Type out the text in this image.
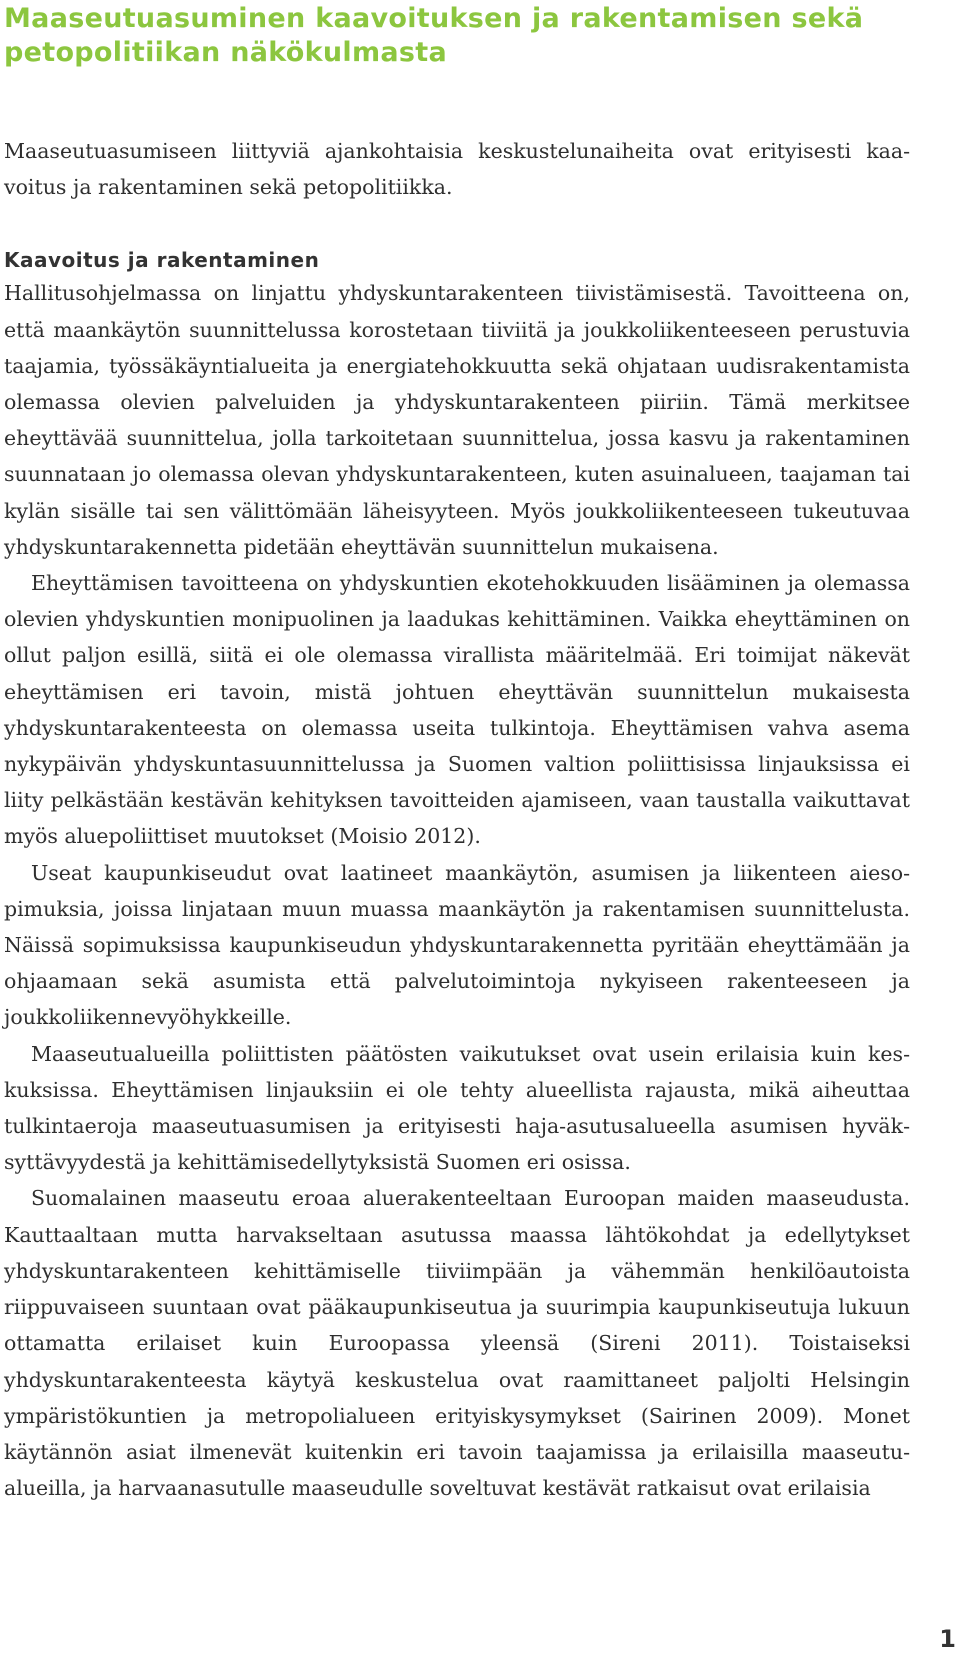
Maaseutuasuminen kaavoituksen ja rakentamisen sekä petopolitiikan näkökulmasta

Maaseutuasumiseen liittyviä ajankohtaisia keskustelunaiheita ovat erityisesti kaavoitus ja rakentaminen sekä petopolitiikka.

Kaavoitus ja rakentaminen

Hallitusohjelmassa on linjattu yhdyskuntarakenteen tiivistämisestä. Tavoitteena on, että maankäytön suunnittelussa korostetaan tiiviitä ja joukkoliikenteeseen perustuvia taajamia, työssäkäyntialueita ja energiatehokkuutta sekä ohjataan uudisrakentamista olemassa olevien palveluiden ja yhdyskuntarakenteen piiriin. Tämä merkitsee eheyttävää suunnittelua, jolla tarkoitetaan suunnittelua, jossa kasvu ja rakentaminen suunnataan jo olemassa olevan yhdyskuntarakenteen, kuten asuinalueen, taajaman tai kylän sisälle tai sen välittömään läheisyyteen. Myös joukkoliikenteeseen tukeutuvaa yhdyskuntarakennetta pidetään eheyttävän suunnittelun mukaisena.

Eheyttämisen tavoitteena on yhdyskuntien ekotehokkuuden lisääminen ja olemassa olevien yhdyskuntien monipuolinen ja laadukas kehittäminen. Vaikka eheyttäminen on ollut paljon esillä, siitä ei ole olemassa virallista määritelmää. Eri toimijat näkevät eheyttämisen eri tavoin, mistä johtuen eheyttävän suunnittelun mukaisesta yhdyskuntarakenteesta on olemassa useita tulkintoja. Eheyttämisen vahva asema nykypäivän yhdyskuntasuunnittelussa ja Suomen valtion poliittisissa linjauksissa ei liity pelkästään kestävän kehityksen tavoitteiden ajamiseen, vaan taustalla vaikuttavat myös aluepoliittiset muutokset (Moisio 2012).

Useat kaupunkiseudut ovat laatineet maankäytön, asumisen ja liikenteen aiesopimuksia, joissa linjataan muun muassa maankäytön ja rakentamisen suunnittelusta. Näissä sopimuksissa kaupunkiseudun yhdyskuntarakennetta pyritään eheyttämään ja ohjaamaan sekä asumista että palvelutoimintoja nykyiseen rakenteeseen ja joukkoliikennevyöhykkeille.

Maaseutualueilla poliittisten päätösten vaikutukset ovat usein erilaisia kuin keskuksissa. Eheyttämisen linjauksiin ei ole tehty alueellista rajausta, mikä aiheuttaa tulkintaeroja maaseutuasumisen ja erityisesti haja-asutusalueella asumisen hyväksyttävyydestä ja kehittämisedellytyksistä Suomen eri osissa.

Suomalainen maaseutu eroaa aluerakenteeltaan Euroopan maiden maaseudusta. Kauttaaltaan mutta harvakseltaan asutussa maassa lähtökohdat ja edellytykset yhdyskuntarakenteen kehittämiselle tiiviimpään ja vähemmän henkilöautoista riippuvaiseen suuntaan ovat pääkaupunkiseutua ja suurimpia kaupunkiseutuja lukuun ottamatta erilaiset kuin Euroopassa yleensä (Sireni 2011). Toistaiseksi yhdyskuntarakenteesta käytyä keskustelua ovat raamittaneet paljolti Helsingin ympäristökuntien ja metropolialueen erityiskysymykset (Sairinen 2009). Monet käytännön asiat ilmenevät kuitenkin eri tavoin taajamissa ja erilaisilla maaseutualueilla, ja harvaanasutulle maaseudulle soveltuvat kestävät ratkaisut ovat erilaisia

1
